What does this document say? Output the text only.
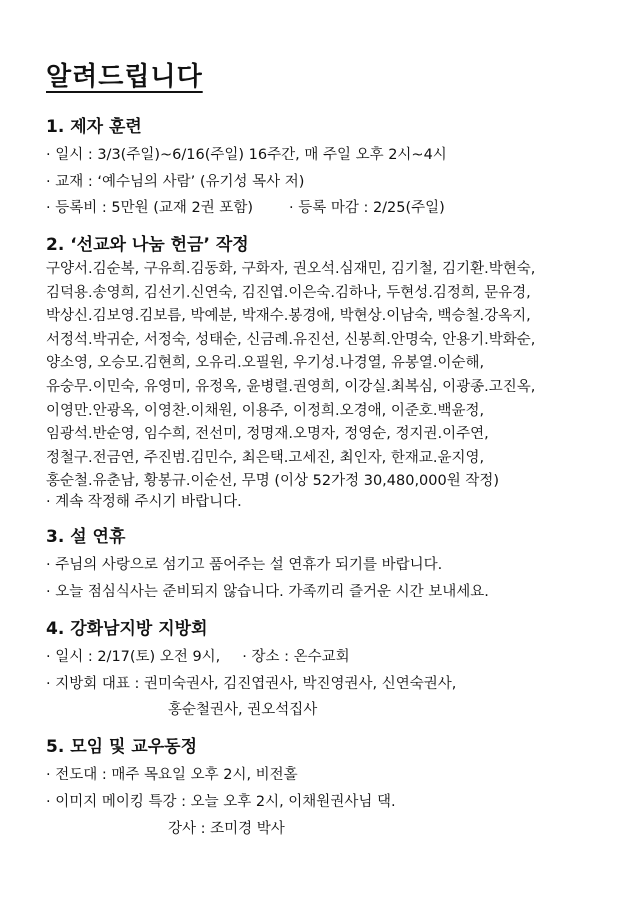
알려드립니다
1. 제자 훈련
· 일시 : 3/3(주일)~6/16(주일) 16주간, 매 주일 오후 2시~4시
· 교재 : ‘예수님의 사람’ (유기성 목사 저)
· 등록비 : 5만원 (교재 2권 포함) · 등록 마감 : 2/25(주일)
2. ‘선교와 나눔 헌금’ 작정
구양서.김순복, 구유희.김동화, 구화자, 권오석.심재민, 김기철, 김기환.박현숙,
김덕용.송영희, 김선기.신연숙, 김진엽.이은숙.김하나, 두현성.김정희, 문유경,
박상신.김보영.김보름, 박예분, 박재수.봉경애, 박현상.이남숙, 백승철.강옥지,
서정석.박귀순, 서정숙, 성태순, 신금례.유진선, 신봉희.안명숙, 안용기.박화순,
양소영, 오승모.김현희, 오유리.오필원, 우기성.나경열, 유봉열.이순해,
유숭무.이민숙, 유영미, 유정옥, 윤병렬.권영희, 이강실.최복심, 이광종.고진옥,
이영만.안광옥, 이영찬.이채원, 이용주, 이정희.오경애, 이준호.백윤정,
임광석.반순영, 임수희, 전선미, 정명재.오명자, 정영순, 정지권.이주연,
정철구.전금연, 주진범.김민수, 최은택.고세진, 최인자, 한재교.윤지영,
홍순철.유춘남, 황봉규.이순선, 무명 (이상 52가정 30,480,000원 작정)
· 계속 작정해 주시기 바랍니다.
3. 설 연휴
· 주님의 사랑으로 섬기고 품어주는 설 연휴가 되기를 바랍니다.
· 오늘 점심식사는 준비되지 않습니다. 가족끼리 즐거운 시간 보내세요.
4. 강화남지방 지방회
· 일시 : 2/17(토) 오전 9시, · 장소 : 온수교회
· 지방회 대표 : 권미숙권사, 김진엽권사, 박진영권사, 신연숙권사,
홍순철권사, 권오석집사
5. 모임 및 교우동정
· 전도대 : 매주 목요일 오후 2시, 비전홀
· 이미지 메이킹 특강 : 오늘 오후 2시, 이채원권사님 댁.
강사 : 조미경 박사
